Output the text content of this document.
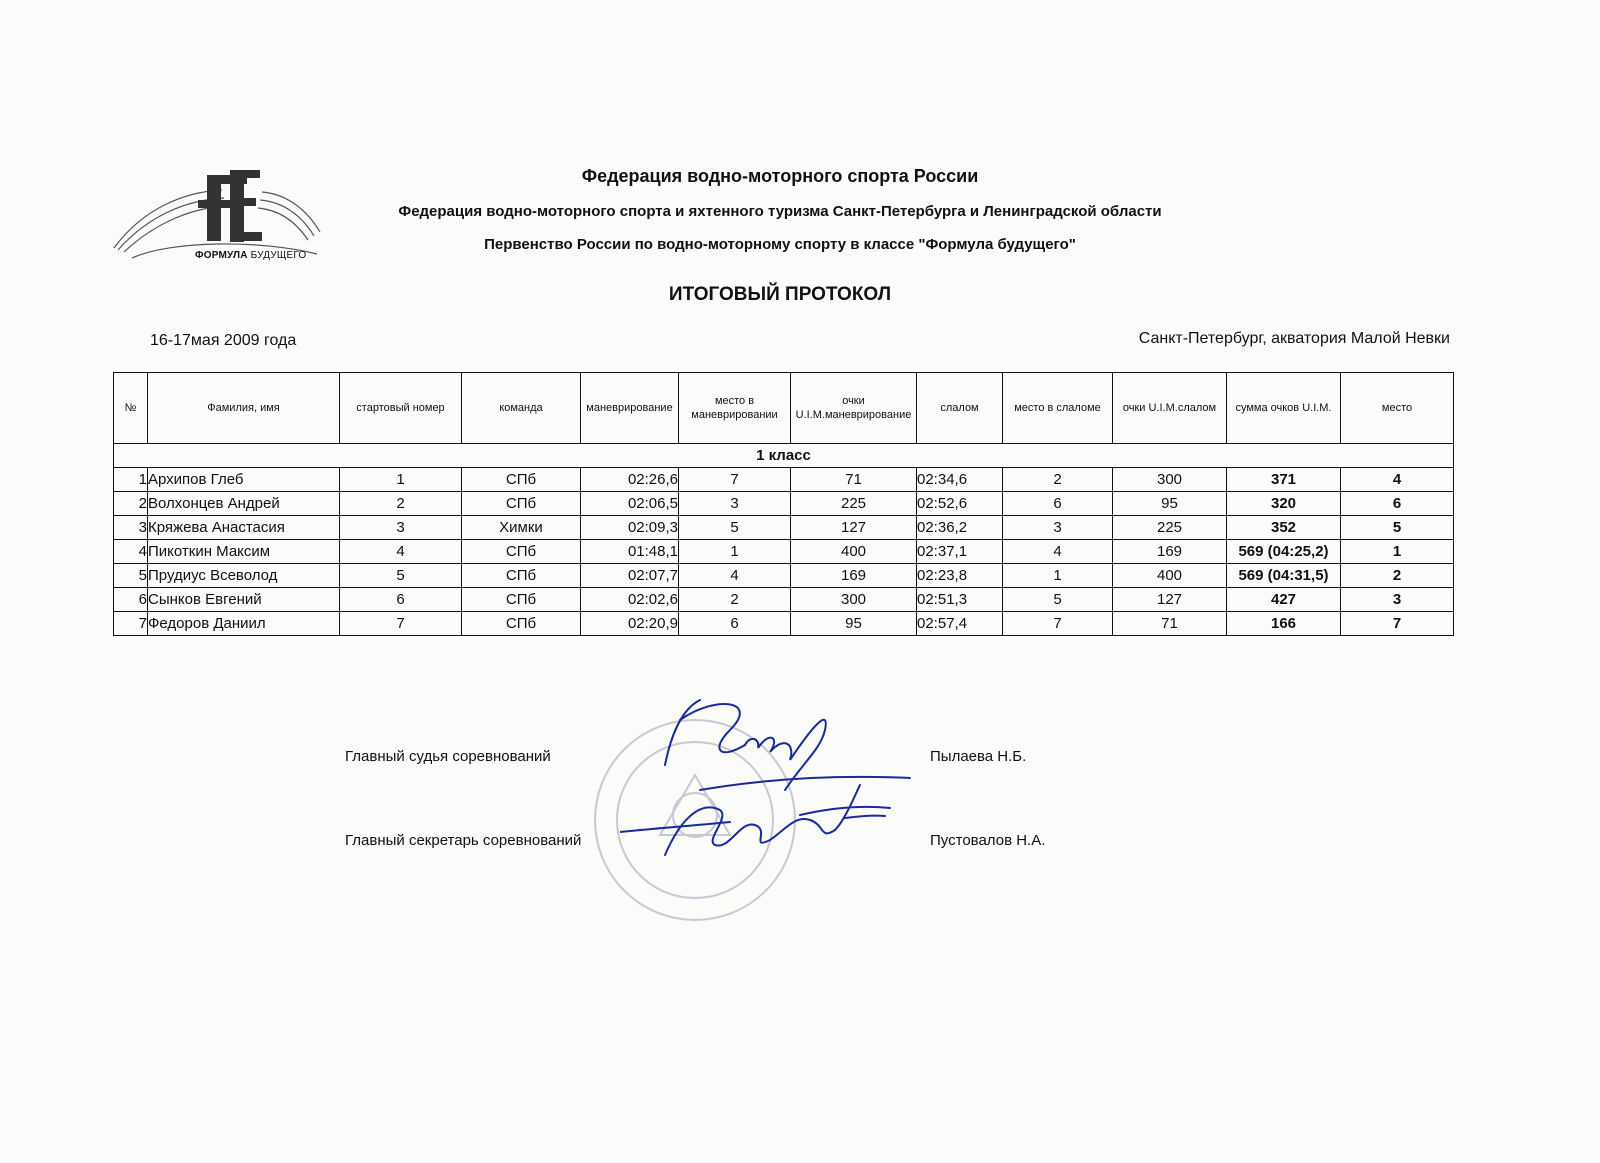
ФОРМУЛА БУДУЩЕГО
Федерация водно-моторного спорта России
Федерация водно-моторного спорта и яхтенного туризма Санкт-Петербурга и Ленинградской области
Первенство России по водно-моторному спорту в классе "Формула будущего"
ИТОГОВЫЙ ПРОТОКОЛ
16-17мая 2009 года	Санкт-Петербург, акватория Малой Невки
№	Фамилия, имя	стартовый номер	команда	маневрирование	место в маневрировании	очки U.I.M.маневрирование	слалом	место в слаломе	очки U.I.M.слалом	сумма очков U.I.M.	место
1 класс											
1	Архипов Глеб	1	СПб	02:26,6	7	71	02:34,6	2	300	371	4
2	Волхонцев Андрей	2	СПб	02:06,5	3	225	02:52,6	6	95	320	6
3	Кряжева Анастасия	3	Химки	02:09,3	5	127	02:36,2	3	225	352	5
4	Пикоткин Максим	4	СПб	01:48,1	1	400	02:37,1	4	169	569 (04:25,2)	1
5	Прудиус Всеволод	5	СПб	02:07,7	4	169	02:23,8	1	400	569 (04:31,5)	2
6	Сынков Евгений	6	СПб	02:02,6	2	300	02:51,3	5	127	427	3
7	Федоров Даниил	7	СПб	02:20,9	6	95	02:57,4	7	71	166	7
Главный судья соревнований	Пылаева Н.Б.
Главный секретарь соревнований	Пустовалов Н.А.
